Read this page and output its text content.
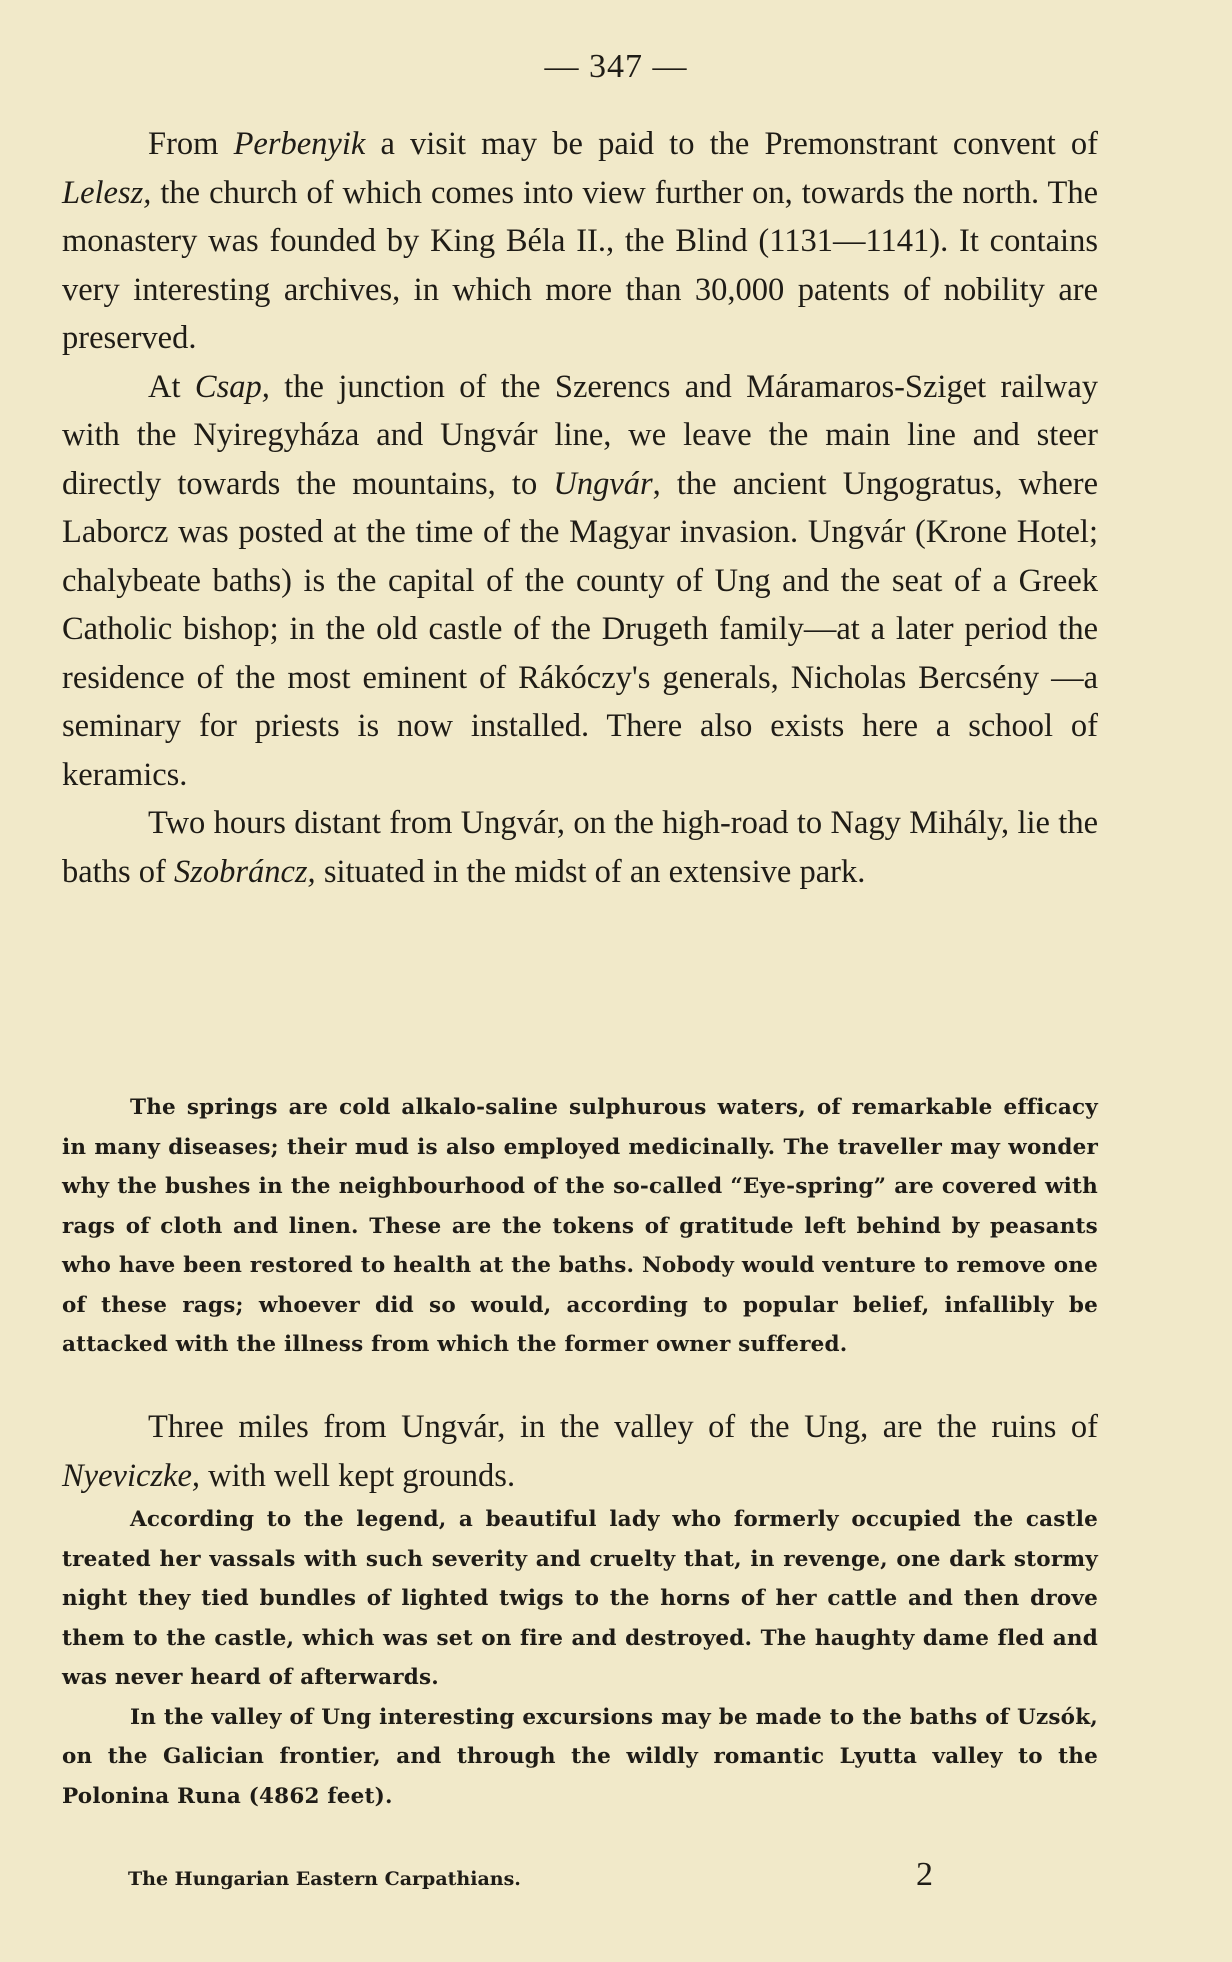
— 347 —

From Perbenyik a visit may be paid to the Premonstrant convent of Lelesz, the church of which comes into view further on, towards the north. The monastery was founded by King Béla II., the Blind (1131—1141). It contains very interesting archives, in which more than 30,000 patents of nobility are preserved.

At Csap, the junction of the Szerencs and Máramaros-Sziget railway with the Nyiregyháza and Ungvár line, we leave the main line and steer directly towards the mountains, to Ungvár, the ancient Ungogratus, where Laborcz was posted at the time of the Magyar invasion. Ungvár (Krone Hotel; chalybeate baths) is the capital of the county of Ung and the seat of a Greek Catholic bishop; in the old castle of the Drugeth family—at a later period the residence of the most eminent of Rákóczy's generals, Nicholas Bercsény —a seminary for priests is now installed. There also exists here a school of keramics.

Two hours distant from Ungvár, on the high-road to Nagy Mihály, lie the baths of Szobráncz, situated in the midst of an extensive park.

The springs are cold alkalo-saline sulphurous waters, of remarkable efficacy in many diseases; their mud is also employed medicinally. The traveller may wonder why the bushes in the neighbourhood of the so-called “Eye-spring” are covered with rags of cloth and linen. These are the tokens of gratitude left behind by peasants who have been restored to health at the baths. Nobody would venture to remove one of these rags; whoever did so would, according to popular belief, infallibly be attacked with the illness from which the former owner suffered.

Three miles from Ungvár, in the valley of the Ung, are the ruins of Nyeviczke, with well kept grounds.

According to the legend, a beautiful lady who formerly occupied the castle treated her vassals with such severity and cruelty that, in revenge, one dark stormy night they tied bundles of lighted twigs to the horns of her cattle and then drove them to the castle, which was set on fire and destroyed. The haughty dame fled and was never heard of afterwards.

In the valley of Ung interesting excursions may be made to the baths of Uzsók, on the Galician frontier, and through the wildly romantic Lyutta valley to the Polonina Runa (4862 feet).

The Hungarian Eastern Carpathians.	2
